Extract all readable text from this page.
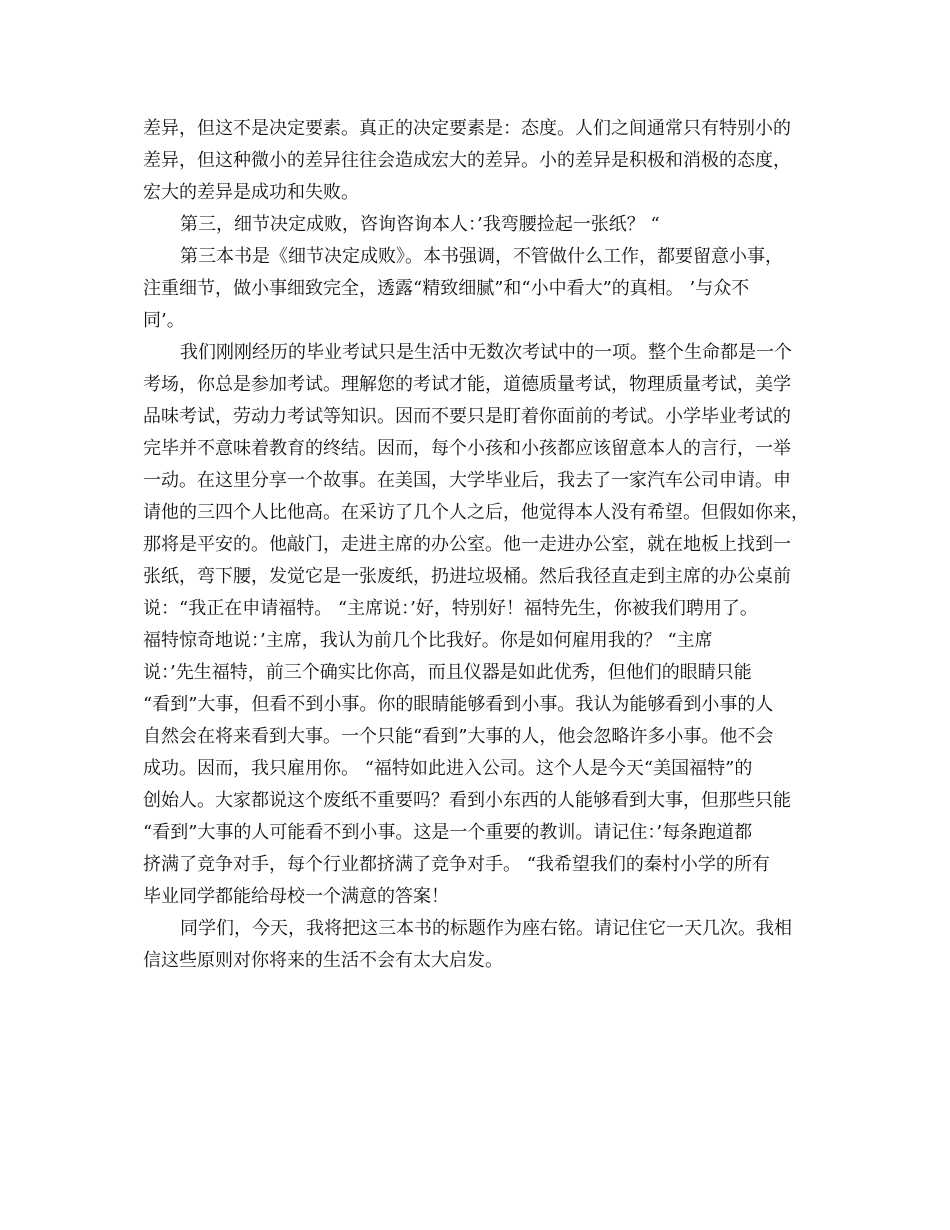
差异，但这不是决定要素。真正的决定要素是：态度。人们之间通常只有特别小的
差异，但这种微小的差异往往会造成宏大的差异。小的差异是积极和消极的态度，
宏大的差异是成功和失败。
第三，细节决定成败，咨询咨询本人：’我弯腰捡起一张纸？ “
第三本书是《细节决定成败》。本书强调，不管做什么工作，都要留意小事，
注重细节，做小事细致完全，透露“精致细腻”和“小中看大”的真相。 ’与众不
同’。
我们刚刚经历的毕业考试只是生活中无数次考试中的一项。整个生命都是一个
考场，你总是参加考试。理解您的考试才能，道德质量考试，物理质量考试，美学
品味考试，劳动力考试等知识。因而不要只是盯着你面前的考试。小学毕业考试的
完毕并不意味着教育的终结。因而，每个小孩和小孩都应该留意本人的言行，一举
一动。在这里分享一个故事。在美国，大学毕业后，我去了一家汽车公司申请。申
请他的三四个人比他高。在采访了几个人之后，他觉得本人没有希望。但假如你来，
那将是平安的。他敲门，走进主席的办公室。他一走进办公室，就在地板上找到一
张纸，弯下腰，发觉它是一张废纸，扔进垃圾桶。然后我径直走到主席的办公桌前
说：“我正在申请福特。 “主席说：’好，特别好！福特先生，你被我们聘用了。
福特惊奇地说：’主席，我认为前几个比我好。你是如何雇用我的？ “主席
说：’先生福特，前三个确实比你高，而且仪器是如此优秀，但他们的眼睛只能
“看到”大事，但看不到小事。你的眼睛能够看到小事。我认为能够看到小事的人
自然会在将来看到大事。一个只能“看到”大事的人，他会忽略许多小事。他不会
成功。因而，我只雇用你。 “福特如此进入公司。这个人是今天“美国福特”的
创始人。大家都说这个废纸不重要吗？看到小东西的人能够看到大事，但那些只能
“看到”大事的人可能看不到小事。这是一个重要的教训。请记住：’每条跑道都
挤满了竞争对手，每个行业都挤满了竞争对手。 “我希望我们的秦村小学的所有
毕业同学都能给母校一个满意的答案！
同学们，今天，我将把这三本书的标题作为座右铭。请记住它一天几次。我相
信这些原则对你将来的生活不会有太大启发。
